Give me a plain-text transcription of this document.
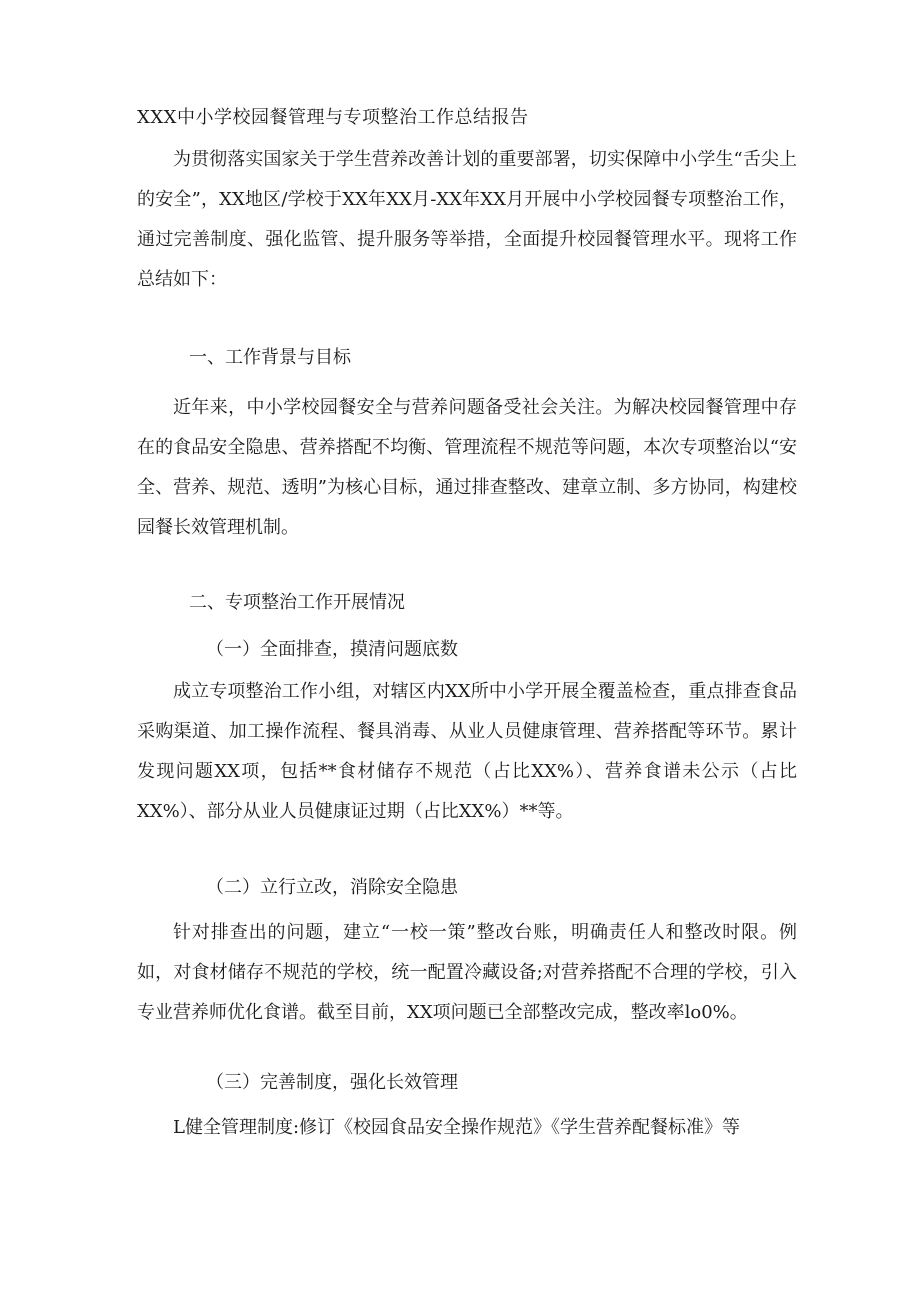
XXX中小学校园餐管理与专项整治工作总结报告

为贯彻落实国家关于学生营养改善计划的重要部署，切实保障中小学生“舌尖上的安全”，XX地区/学校于XX年XX月-XX年XX月开展中小学校园餐专项整治工作，通过完善制度、强化监管、提升服务等举措，全面提升校园餐管理水平。现将工作总结如下：

一、工作背景与目标

近年来，中小学校园餐安全与营养问题备受社会关注。为解决校园餐管理中存在的食品安全隐患、营养搭配不均衡、管理流程不规范等问题，本次专项整治以“安全、营养、规范、透明”为核心目标，通过排查整改、建章立制、多方协同，构建校园餐长效管理机制。

二、专项整治工作开展情况

（一）全面排查，摸清问题底数

成立专项整治工作小组，对辖区内XX所中小学开展全覆盖检查，重点排查食品采购渠道、加工操作流程、餐具消毒、从业人员健康管理、营养搭配等环节。累计发现问题XX项，包括**食材储存不规范（占比XX%）、营养食谱未公示（占比XX%）、部分从业人员健康证过期（占比XX%）**等。

（二）立行立改，消除安全隐患

针对排查出的问题，建立“一校一策”整改台账，明确责任人和整改时限。例如，对食材储存不规范的学校，统一配置冷藏设备;对营养搭配不合理的学校，引入专业营养师优化食谱。截至目前，XX项问题已全部整改完成，整改率lo0%。

（三）完善制度，强化长效管理

L健全管理制度:修订《校园食品安全操作规范》《学生营养配餐标准》等
